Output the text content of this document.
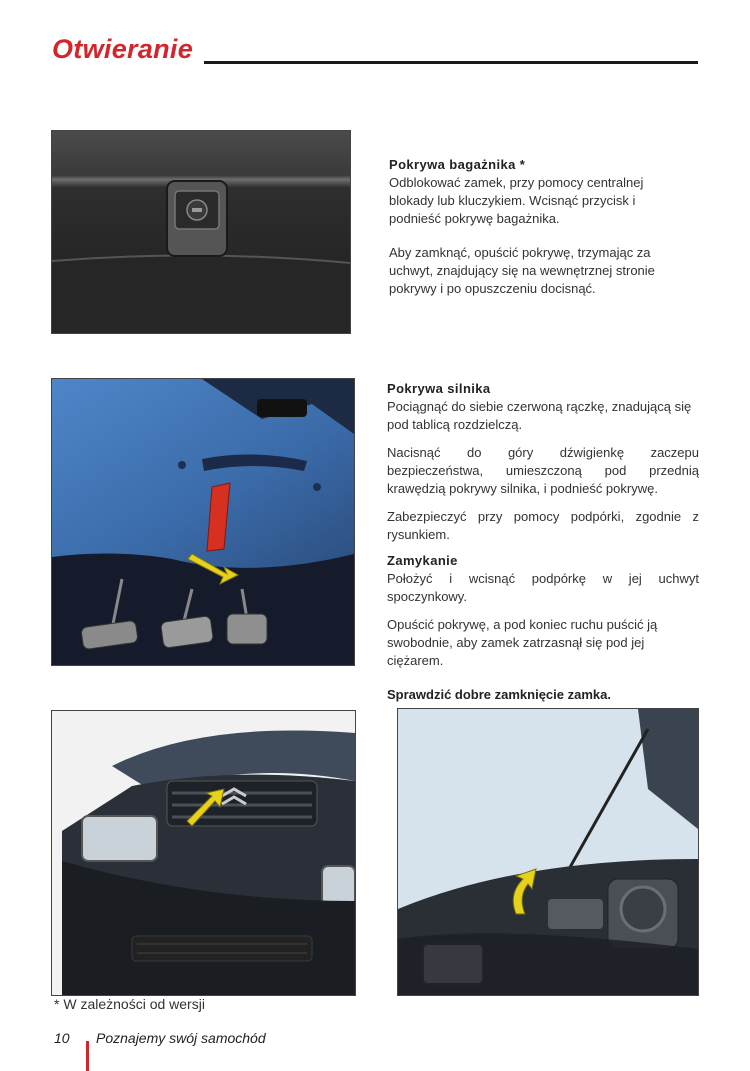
Otwieranie

Pokrywa bagażnika *

Odblokować zamek, przy pomocy centralnej blokady lub kluczykiem. Wcisnąć przycisk i podnieść pokrywę bagażnika.

Aby zamknąć, opuścić pokrywę, trzymając za uchwyt, znajdujący się na wewnętrznej stronie pokrywy i po opuszczeniu docisnąć.

Pokrywa silnika

Pociągnąć do siebie czerwoną rączkę, znadującą się pod tablicą rozdzielczą.

Nacisnąć do góry dźwigienkę zaczepu bezpieczeństwa, umieszczoną pod przednią krawędzią pokrywy silnika, i podnieść pokrywę.

Zabezpieczyć przy pomocy podpórki, zgodnie z rysunkiem.

Zamykanie

Położyć i wcisnąć podpórkę w jej uchwyt spoczynkowy.

Opuścić pokrywę, a pod koniec ruchu puścić ją swobodnie, aby zamek zatrzasnął się pod jej ciężarem.

Sprawdzić dobre zamknięcie zamka.

* W zależności od wersji
10 Poznajemy swój samochód
